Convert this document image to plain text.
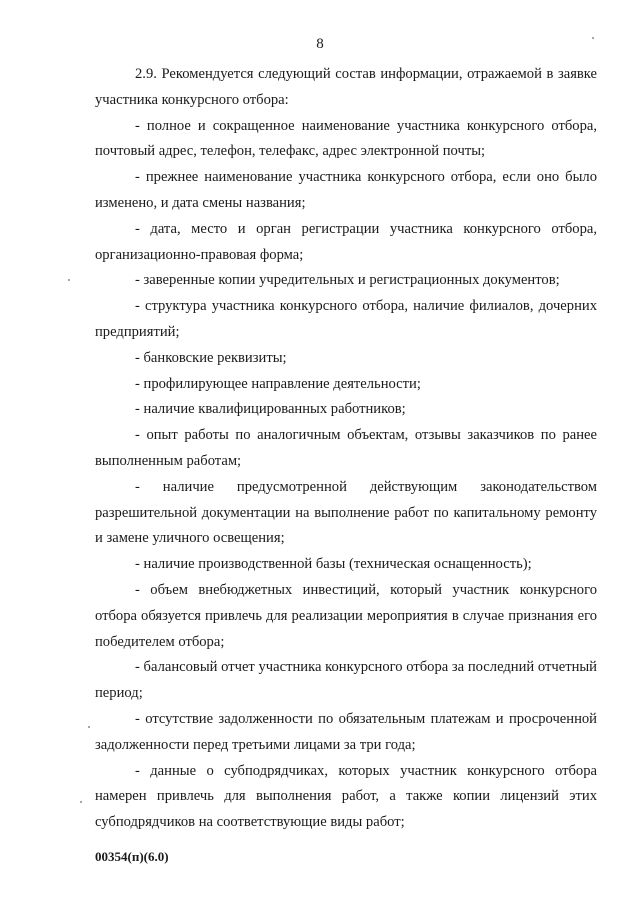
8

2.9. Рекомендуется следующий состав информации, отражаемой в заявке участника конкурсного отбора:

- полное и сокращенное наименование участника конкурсного отбора, почтовый адрес, телефон, телефакс, адрес электронной почты;

- прежнее наименование участника конкурсного отбора, если оно было изменено, и дата смены названия;

- дата, место и орган регистрации участника конкурсного отбора, организационно-правовая форма;

- заверенные копии учредительных и регистрационных документов;

- структура участника конкурсного отбора, наличие филиалов, дочерних предприятий;

- банковские реквизиты;

- профилирующее направление деятельности;

- наличие квалифицированных работников;

- опыт работы по аналогичным объектам, отзывы заказчиков по ранее выполненным работам;

- наличие предусмотренной действующим законодательством разрешительной документации на выполнение работ по капитальному ремонту и замене уличного освещения;

- наличие производственной базы (техническая оснащенность);

- объем внебюджетных инвестиций, который участник конкурсного отбора обязуется привлечь для реализации мероприятия в случае признания его победителем отбора;

- балансовый отчет участника конкурсного отбора за последний отчетный период;

- отсутствие задолженности по обязательным платежам и просроченной задолженности перед третьими лицами за три года;

- данные о субподрядчиках, которых участник конкурсного отбора намерен привлечь для выполнения работ, а также копии лицензий этих субподрядчиков на соответствующие виды работ;

00354(п)(6.0)
